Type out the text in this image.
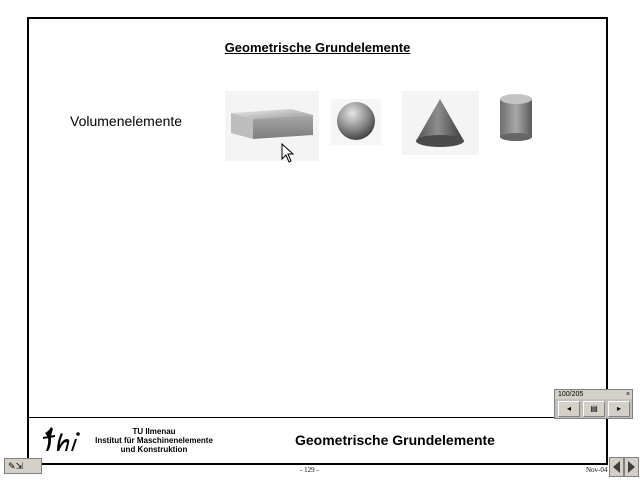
Geometrische Grundelemente
Volumenelemente
TU Ilmenau
Institut für Maschinenelemente
und Konstruktion
Geometrische Grundelemente
100/205	×
◂	▤	▸
✎⇲	- 129 -	Nov-04
